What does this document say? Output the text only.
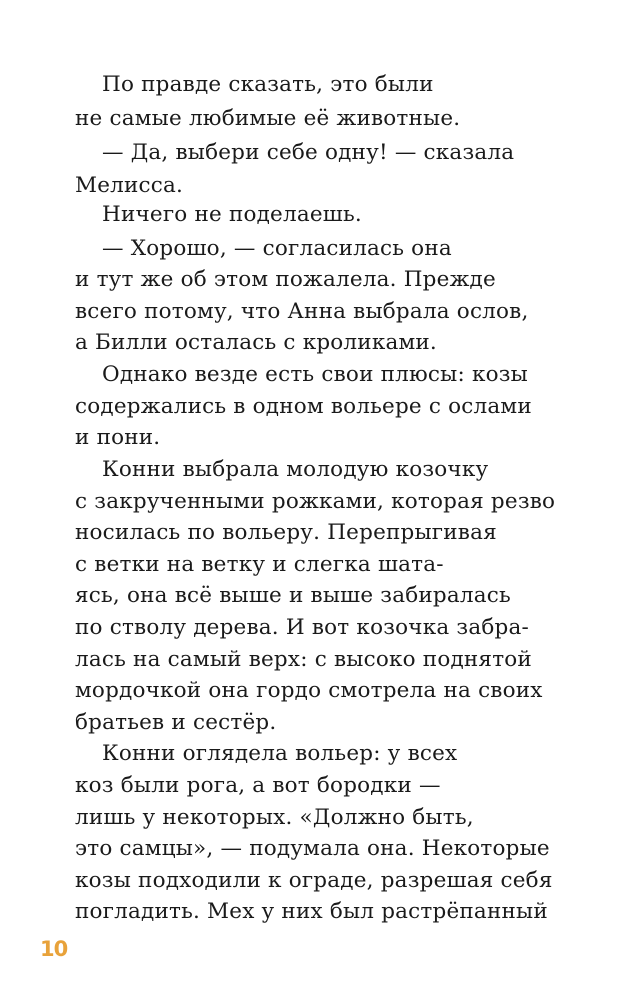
По правде сказать, это были
не самые любимые её животные.
— Да, выбери себе одну! — сказала
Мелисса.
Ничего не поделаешь.
— Хорошо, — согласилась она
и тут же об этом пожалела. Прежде
всего потому, что Анна выбрала ослов,
а Билли осталась с кроликами.
Однако везде есть свои плюсы: козы
содержались в одном вольере с ослами
и пони.
Конни выбрала молодую козочку
с закрученными рожками, которая резво
носилась по вольеру. Перепрыгивая
с ветки на ветку и слегка шата-
ясь, она всё выше и выше забиралась
по стволу дерева. И вот козочка забра-
лась на самый верх: с высоко поднятой
мордочкой она гордо смотрела на своих
братьев и сестёр.
Конни оглядела вольер: у всех
коз были рога, а вот бородки —
лишь у некоторых. «Должно быть,
это самцы», — подумала она. Некоторые
козы подходили к ограде, разрешая себя
погладить. Мех у них был растрёпанный
10
